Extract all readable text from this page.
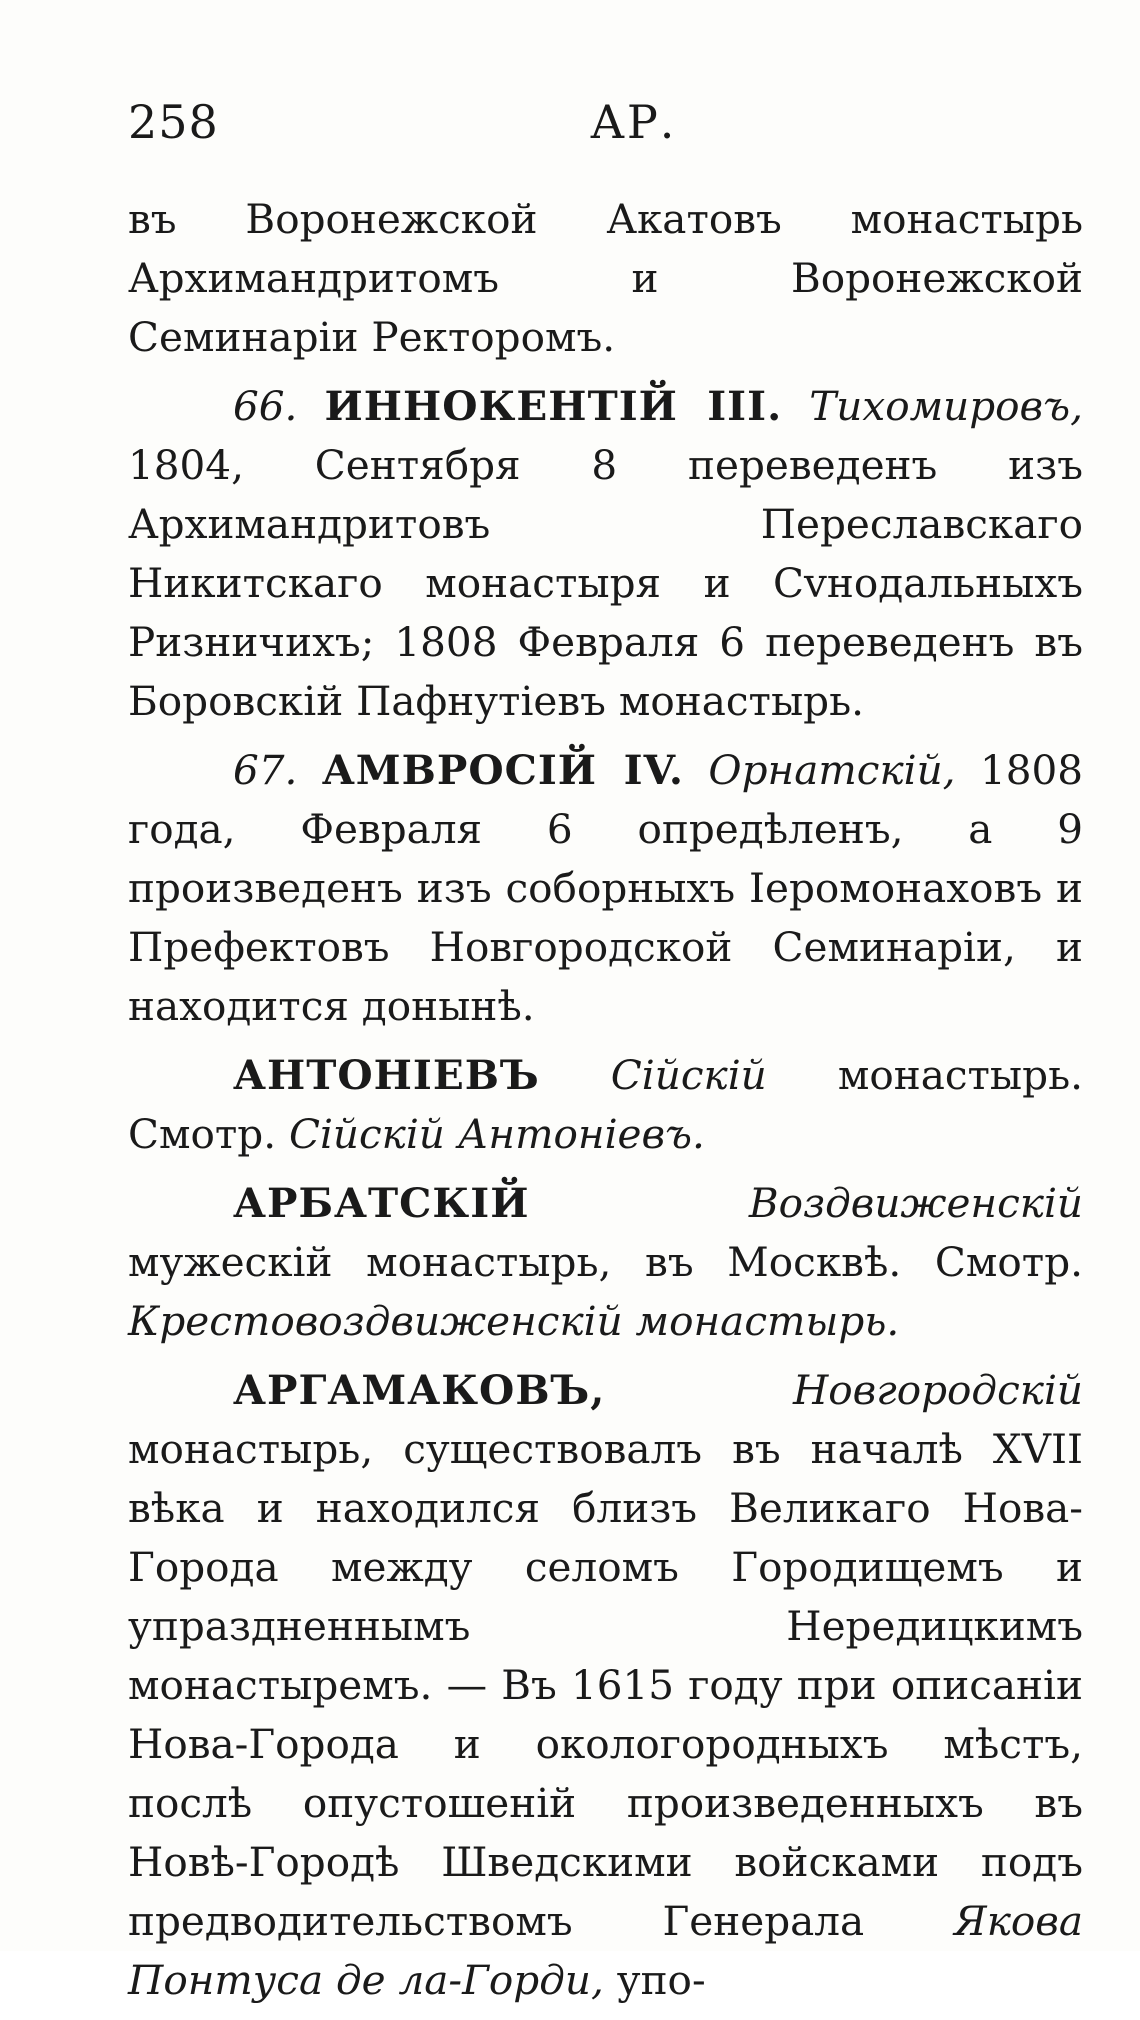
258	АР.

въ Воронежской Акатовъ монастырь Архимандритомъ и Воронежской Семинарiи Ректоромъ.

66. ИННОКЕНТIЙ III. Тихомировъ, 1804, Сентября 8 переведенъ изъ Архимандритовъ Переславскаго Никитскаго монастыря и Сvнодальныхъ Ризничихъ; 1808 Февраля 6 переведенъ въ Боровскiй Пафнутiевъ монастырь.

67. АМВРОСIЙ IV. Орнатскiй, 1808 года, Февраля 6 опредѣленъ, а 9 произведенъ изъ соборныхъ Iеромонаховъ и Префектовъ Новгородской Семинарiи, и находится донынѣ.

АНТОНIЕВЪ Сiйскiй монастырь. Смотр. Сiйскiй Антонiевъ.

АРБАТСКIЙ	Воздвиженскiй мужескiй монастырь, въ Москвѣ. Смотр. Крестовоздвиженскiй монастырь.

АРГАМАКОВЪ,	Новгородскiй монастырь, существовалъ въ началѣ XVII вѣка и находился близъ Великаго Нова-Города между селомъ Городищемъ и упраздненнымъ Нередицкимъ монастыремъ. — Въ 1615 году при описанiи Нова-Города и окологородныхъ мѣстъ, послѣ опустошенiй произведенныхъ въ Новѣ-Городѣ Шведскими войсками подъ предводительствомъ Генерала Якова Понтуса де ла-Горди, упо-
